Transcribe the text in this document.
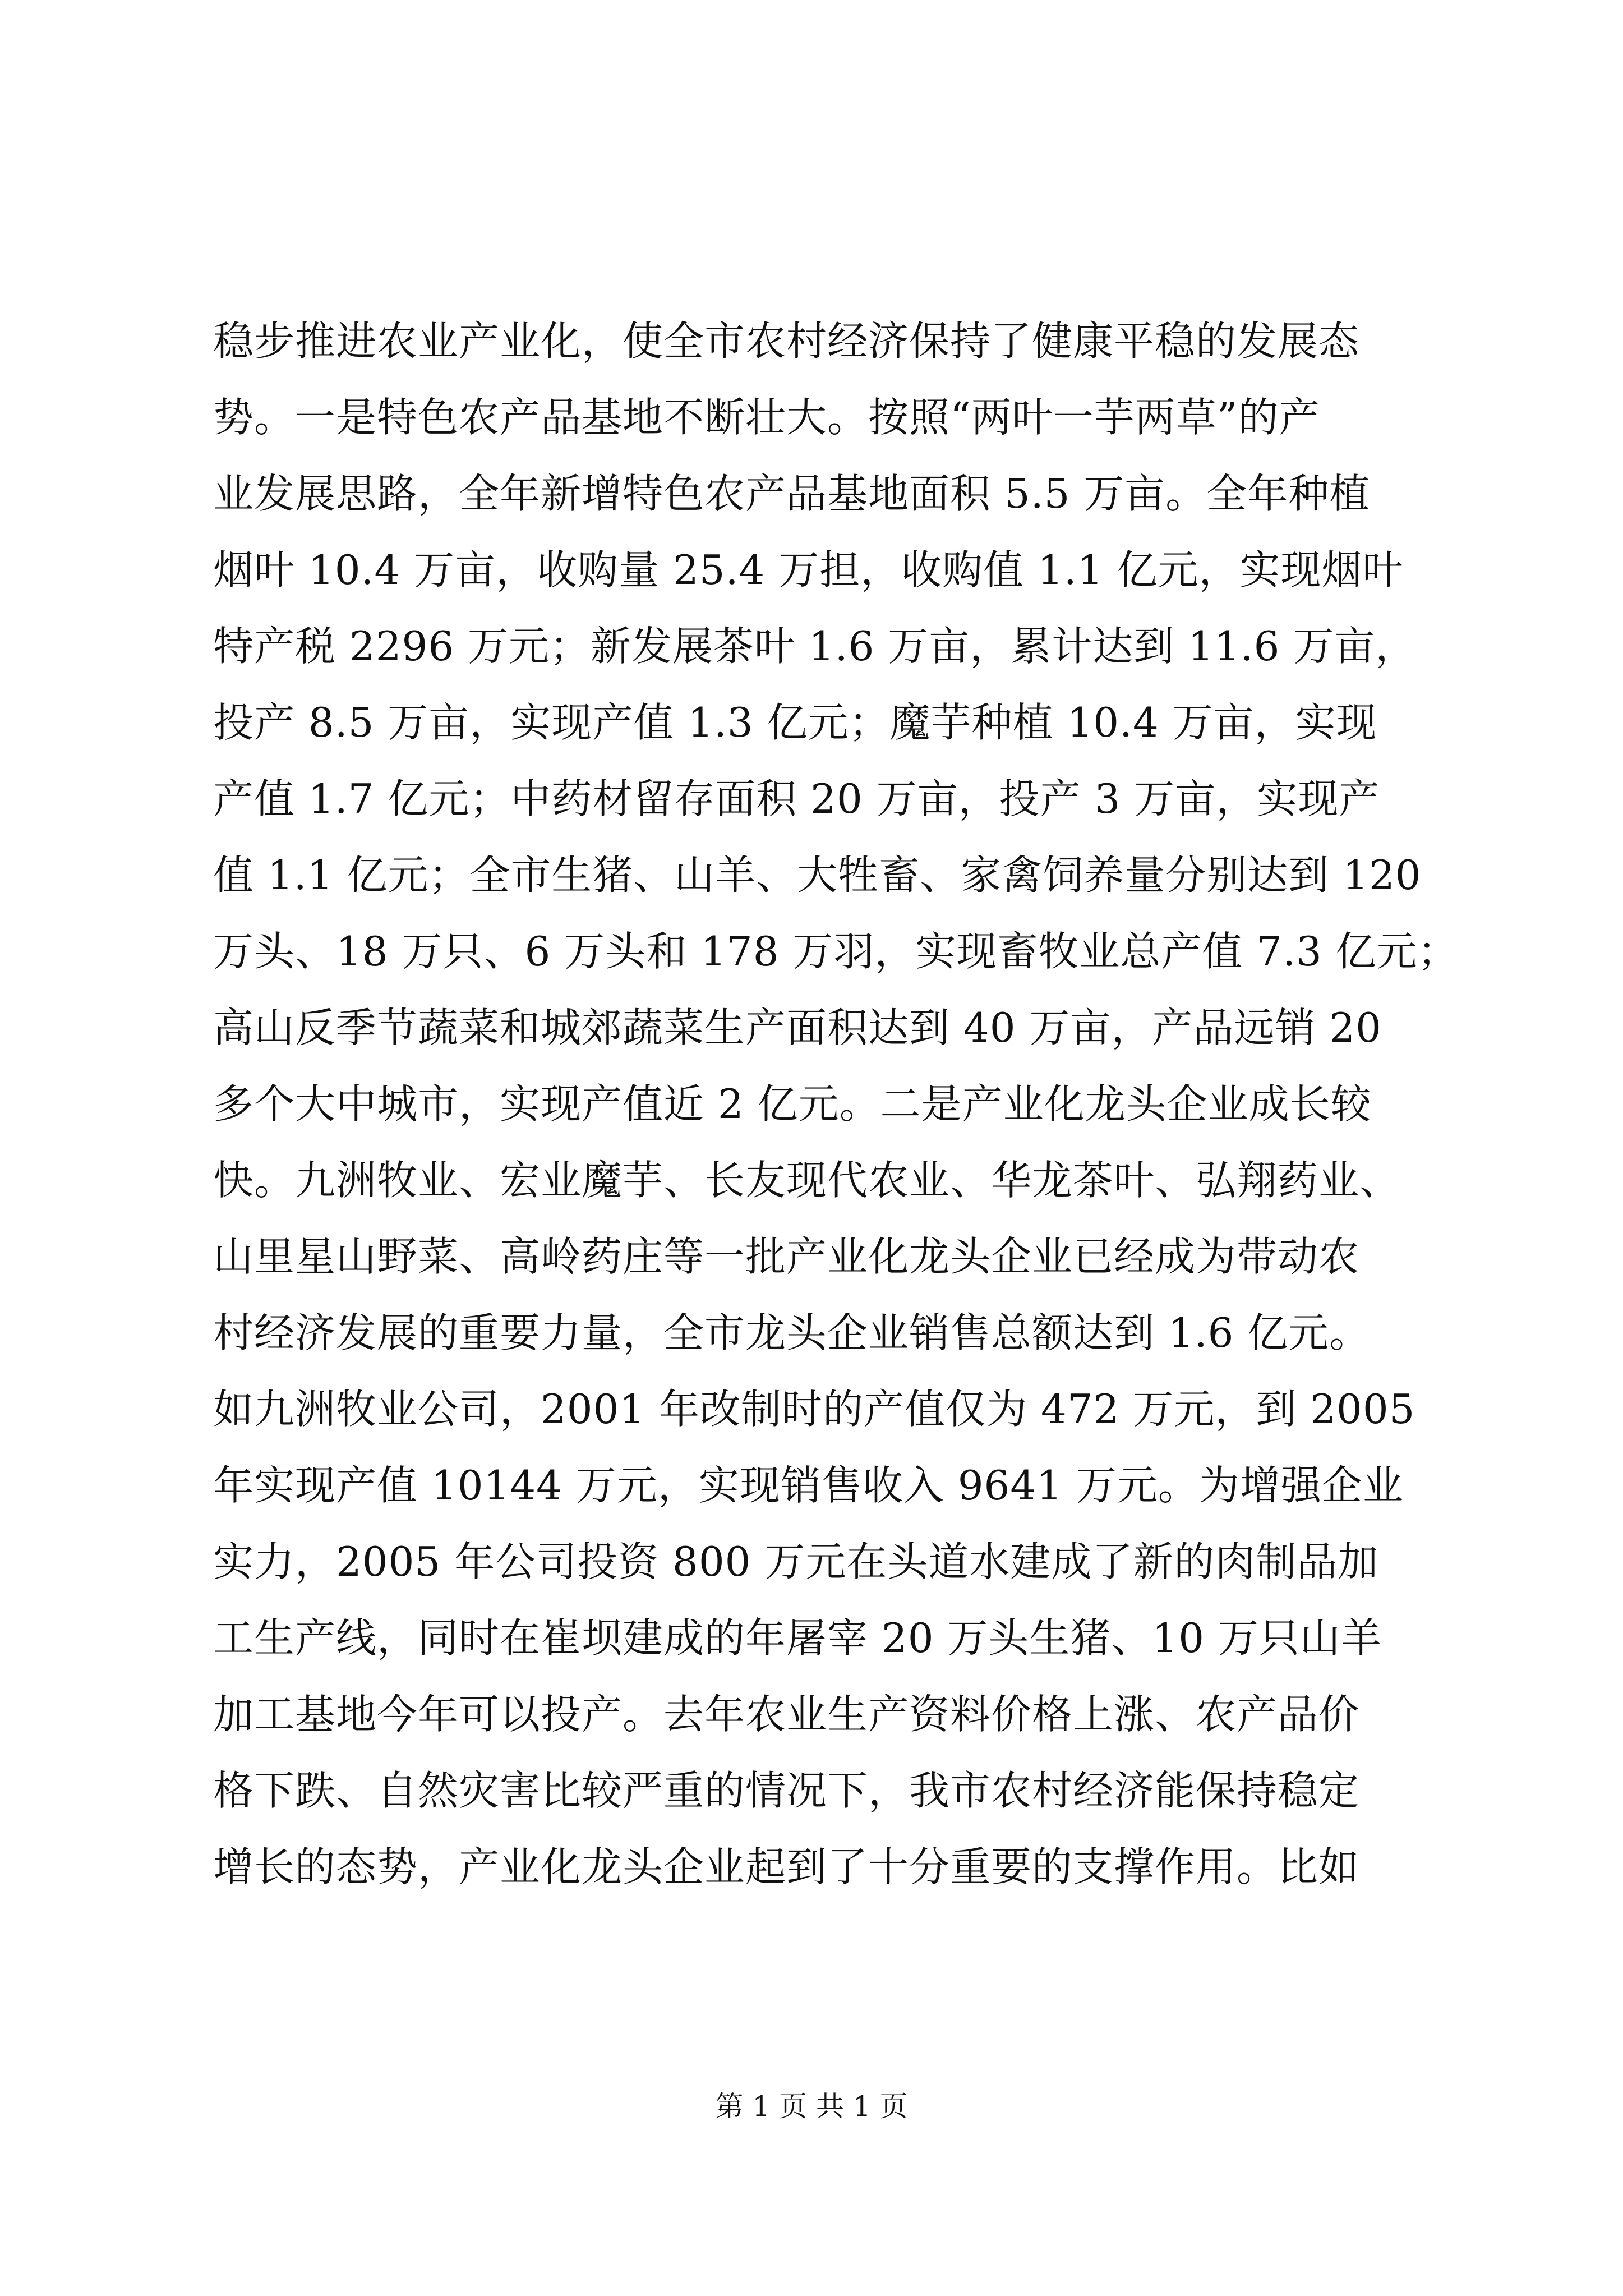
稳步推进农业产业化，使全市农村经济保持了健康平稳的发展态
势。一是特色农产品基地不断壮大。按照“两叶一芋两草”的产
业发展思路，全年新增特色农产品基地面积 5.5 万亩。全年种植
烟叶 10.4 万亩，收购量 25.4 万担，收购值 1.1 亿元，实现烟叶
特产税 2296 万元；新发展茶叶 1.6 万亩，累计达到 11.6 万亩，
投产 8.5 万亩，实现产值 1.3 亿元；魔芋种植 10.4 万亩，实现
产值 1.7 亿元；中药材留存面积 20 万亩，投产 3 万亩，实现产
值 1.1 亿元；全市生猪、山羊、大牲畜、家禽饲养量分别达到 120
万头、18 万只、6 万头和 178 万羽，实现畜牧业总产值 7.3 亿元；
高山反季节蔬菜和城郊蔬菜生产面积达到 40 万亩，产品远销 20
多个大中城市，实现产值近 2 亿元。二是产业化龙头企业成长较
快。九洲牧业、宏业魔芋、长友现代农业、华龙茶叶、弘翔药业、
山里星山野菜、高岭药庄等一批产业化龙头企业已经成为带动农
村经济发展的重要力量，全市龙头企业销售总额达到 1.6 亿元。
如九洲牧业公司，2001 年改制时的产值仅为 472 万元，到 2005
年实现产值 10144 万元，实现销售收入 9641 万元。为增强企业
实力，2005 年公司投资 800 万元在头道水建成了新的肉制品加
工生产线，同时在崔坝建成的年屠宰 20 万头生猪、10 万只山羊
加工基地今年可以投产。去年农业生产资料价格上涨、农产品价
格下跌、自然灾害比较严重的情况下，我市农村经济能保持稳定
增长的态势，产业化龙头企业起到了十分重要的支撑作用。比如
第 1 页 共 1 页
